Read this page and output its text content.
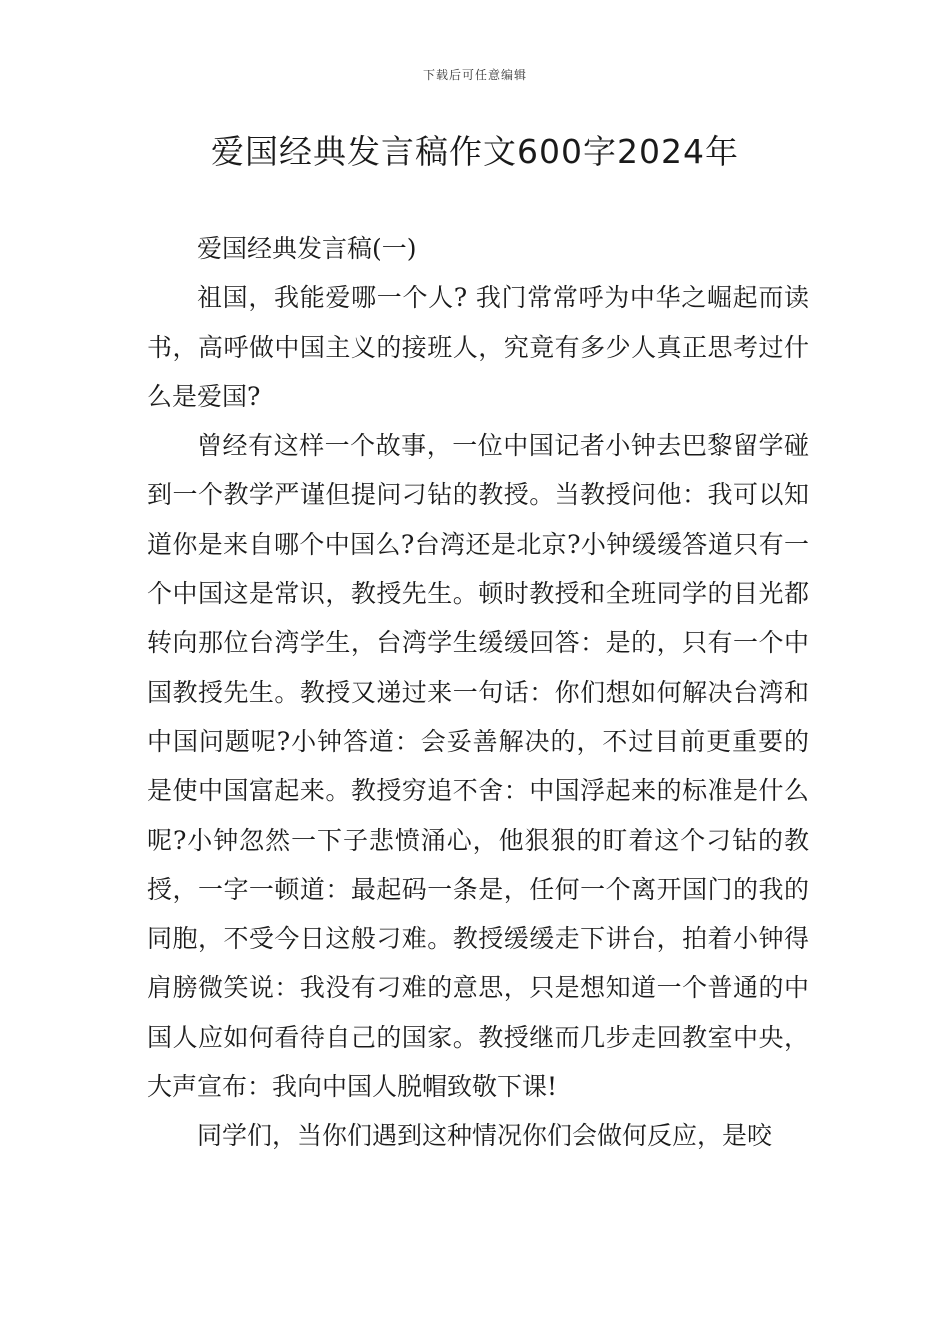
下载后可任意编辑
爱国经典发言稿作文600字2024年

爱国经典发言稿(一)

祖国，我能爱哪一个人? 我门常常呼为中华之崛起而读书，高呼做中国主义的接班人，究竟有多少人真正思考过什么是爱国?

曾经有这样一个故事，一位中国记者小钟去巴黎留学碰到一个教学严谨但提问刁钻的教授。当教授问他：我可以知道你是来自哪个中国么?台湾还是北京?小钟缓缓答道只有一个中国这是常识，教授先生。顿时教授和全班同学的目光都转向那位台湾学生，台湾学生缓缓回答：是的，只有一个中国教授先生。教授又递过来一句话：你们想如何解决台湾和中国问题呢?小钟答道：会妥善解决的，不过目前更重要的是使中国富起来。教授穷追不舍：中国浮起来的标准是什么呢?小钟忽然一下子悲愤涌心，他狠狠的盯着这个刁钻的教授，一字一顿道：最起码一条是，任何一个离开国门的我的同胞，不受今日这般刁难。教授缓缓走下讲台，拍着小钟得肩膀微笑说：我没有刁难的意思，只是想知道一个普通的中国人应如何看待自己的国家。教授继而几步走回教室中央，大声宣布：我向中国人脱帽致敬下课!

同学们，当你们遇到这种情况你们会做何反应，是咬
